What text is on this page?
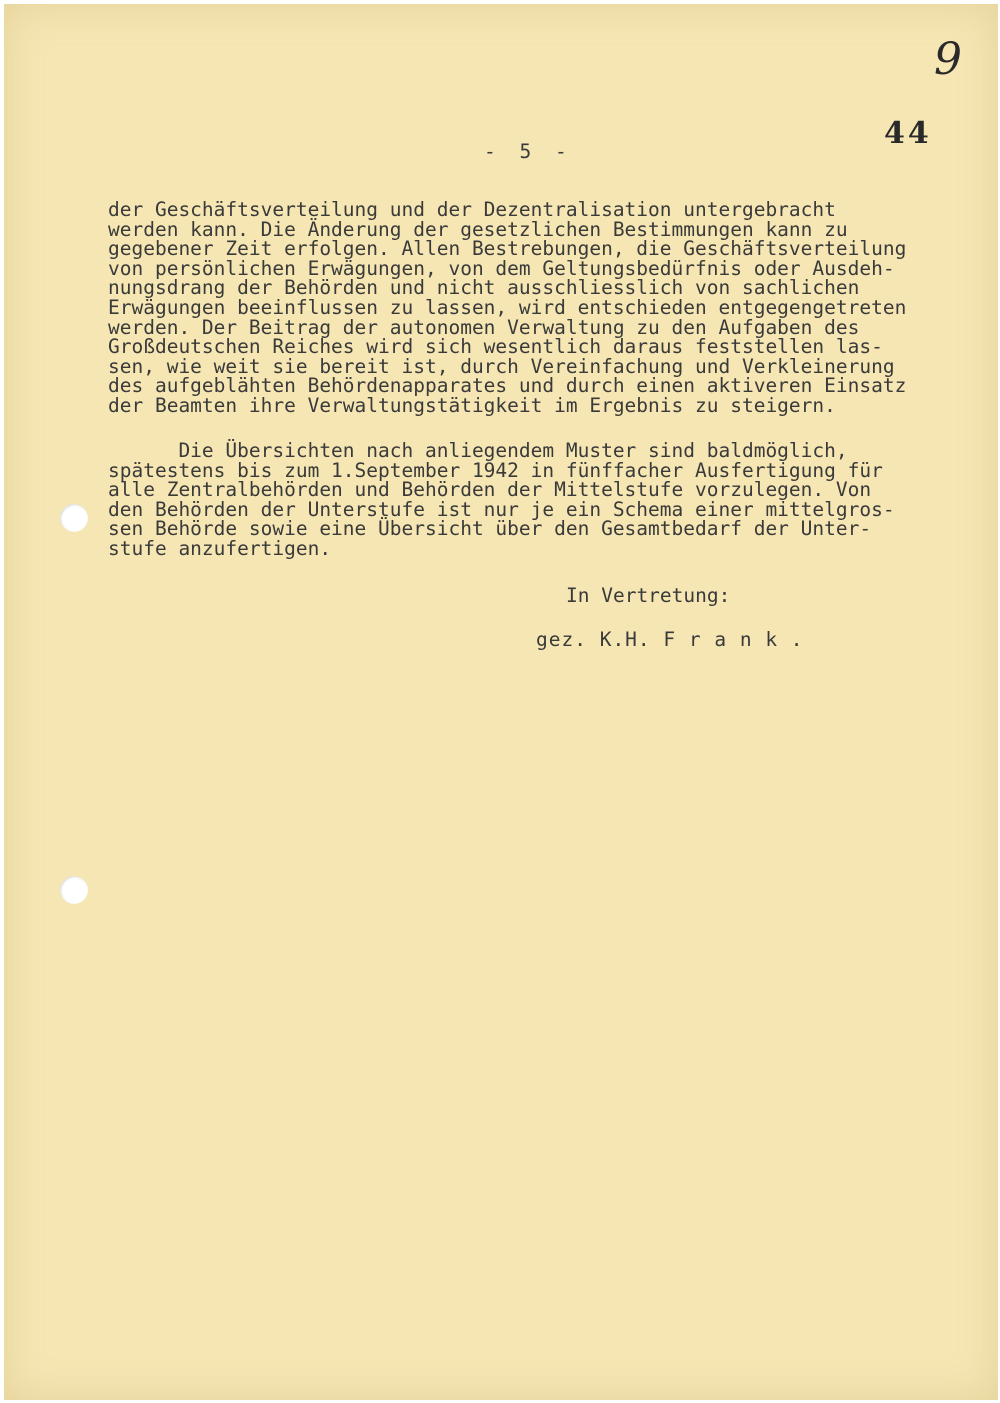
9
44
- 5 -
der Geschäftsverteilung und der Dezentralisation untergebracht
werden kann. Die Änderung der gesetzlichen Bestimmungen kann zu
gegebener Zeit erfolgen. Allen Bestrebungen, die Geschäftsverteilung
von persönlichen Erwägungen, von dem Geltungsbedürfnis oder Ausdeh-
nungsdrang der Behörden und nicht ausschliesslich von sachlichen
Erwägungen beeinflussen zu lassen, wird entschieden entgegengetreten
werden. Der Beitrag der autonomen Verwaltung zu den Aufgaben des
Großdeutschen Reiches wird sich wesentlich daraus feststellen las-
sen, wie weit sie bereit ist, durch Vereinfachung und Verkleinerung
des aufgeblähten Behördenapparates und durch einen aktiveren Einsatz
der Beamten ihre Verwaltungstätigkeit im Ergebnis zu steigern.
Die Übersichten nach anliegendem Muster sind baldmöglich,
spätestens bis zum 1.September 1942 in fünffacher Ausfertigung für
alle Zentralbehörden und Behörden der Mittelstufe vorzulegen. Von
den Behörden der Unterstufe ist nur je ein Schema einer mittelgros-
sen Behörde sowie eine Übersicht über den Gesamtbedarf der Unter-
stufe anzufertigen.
In Vertretung:
gez. K.H. F r a n k .
